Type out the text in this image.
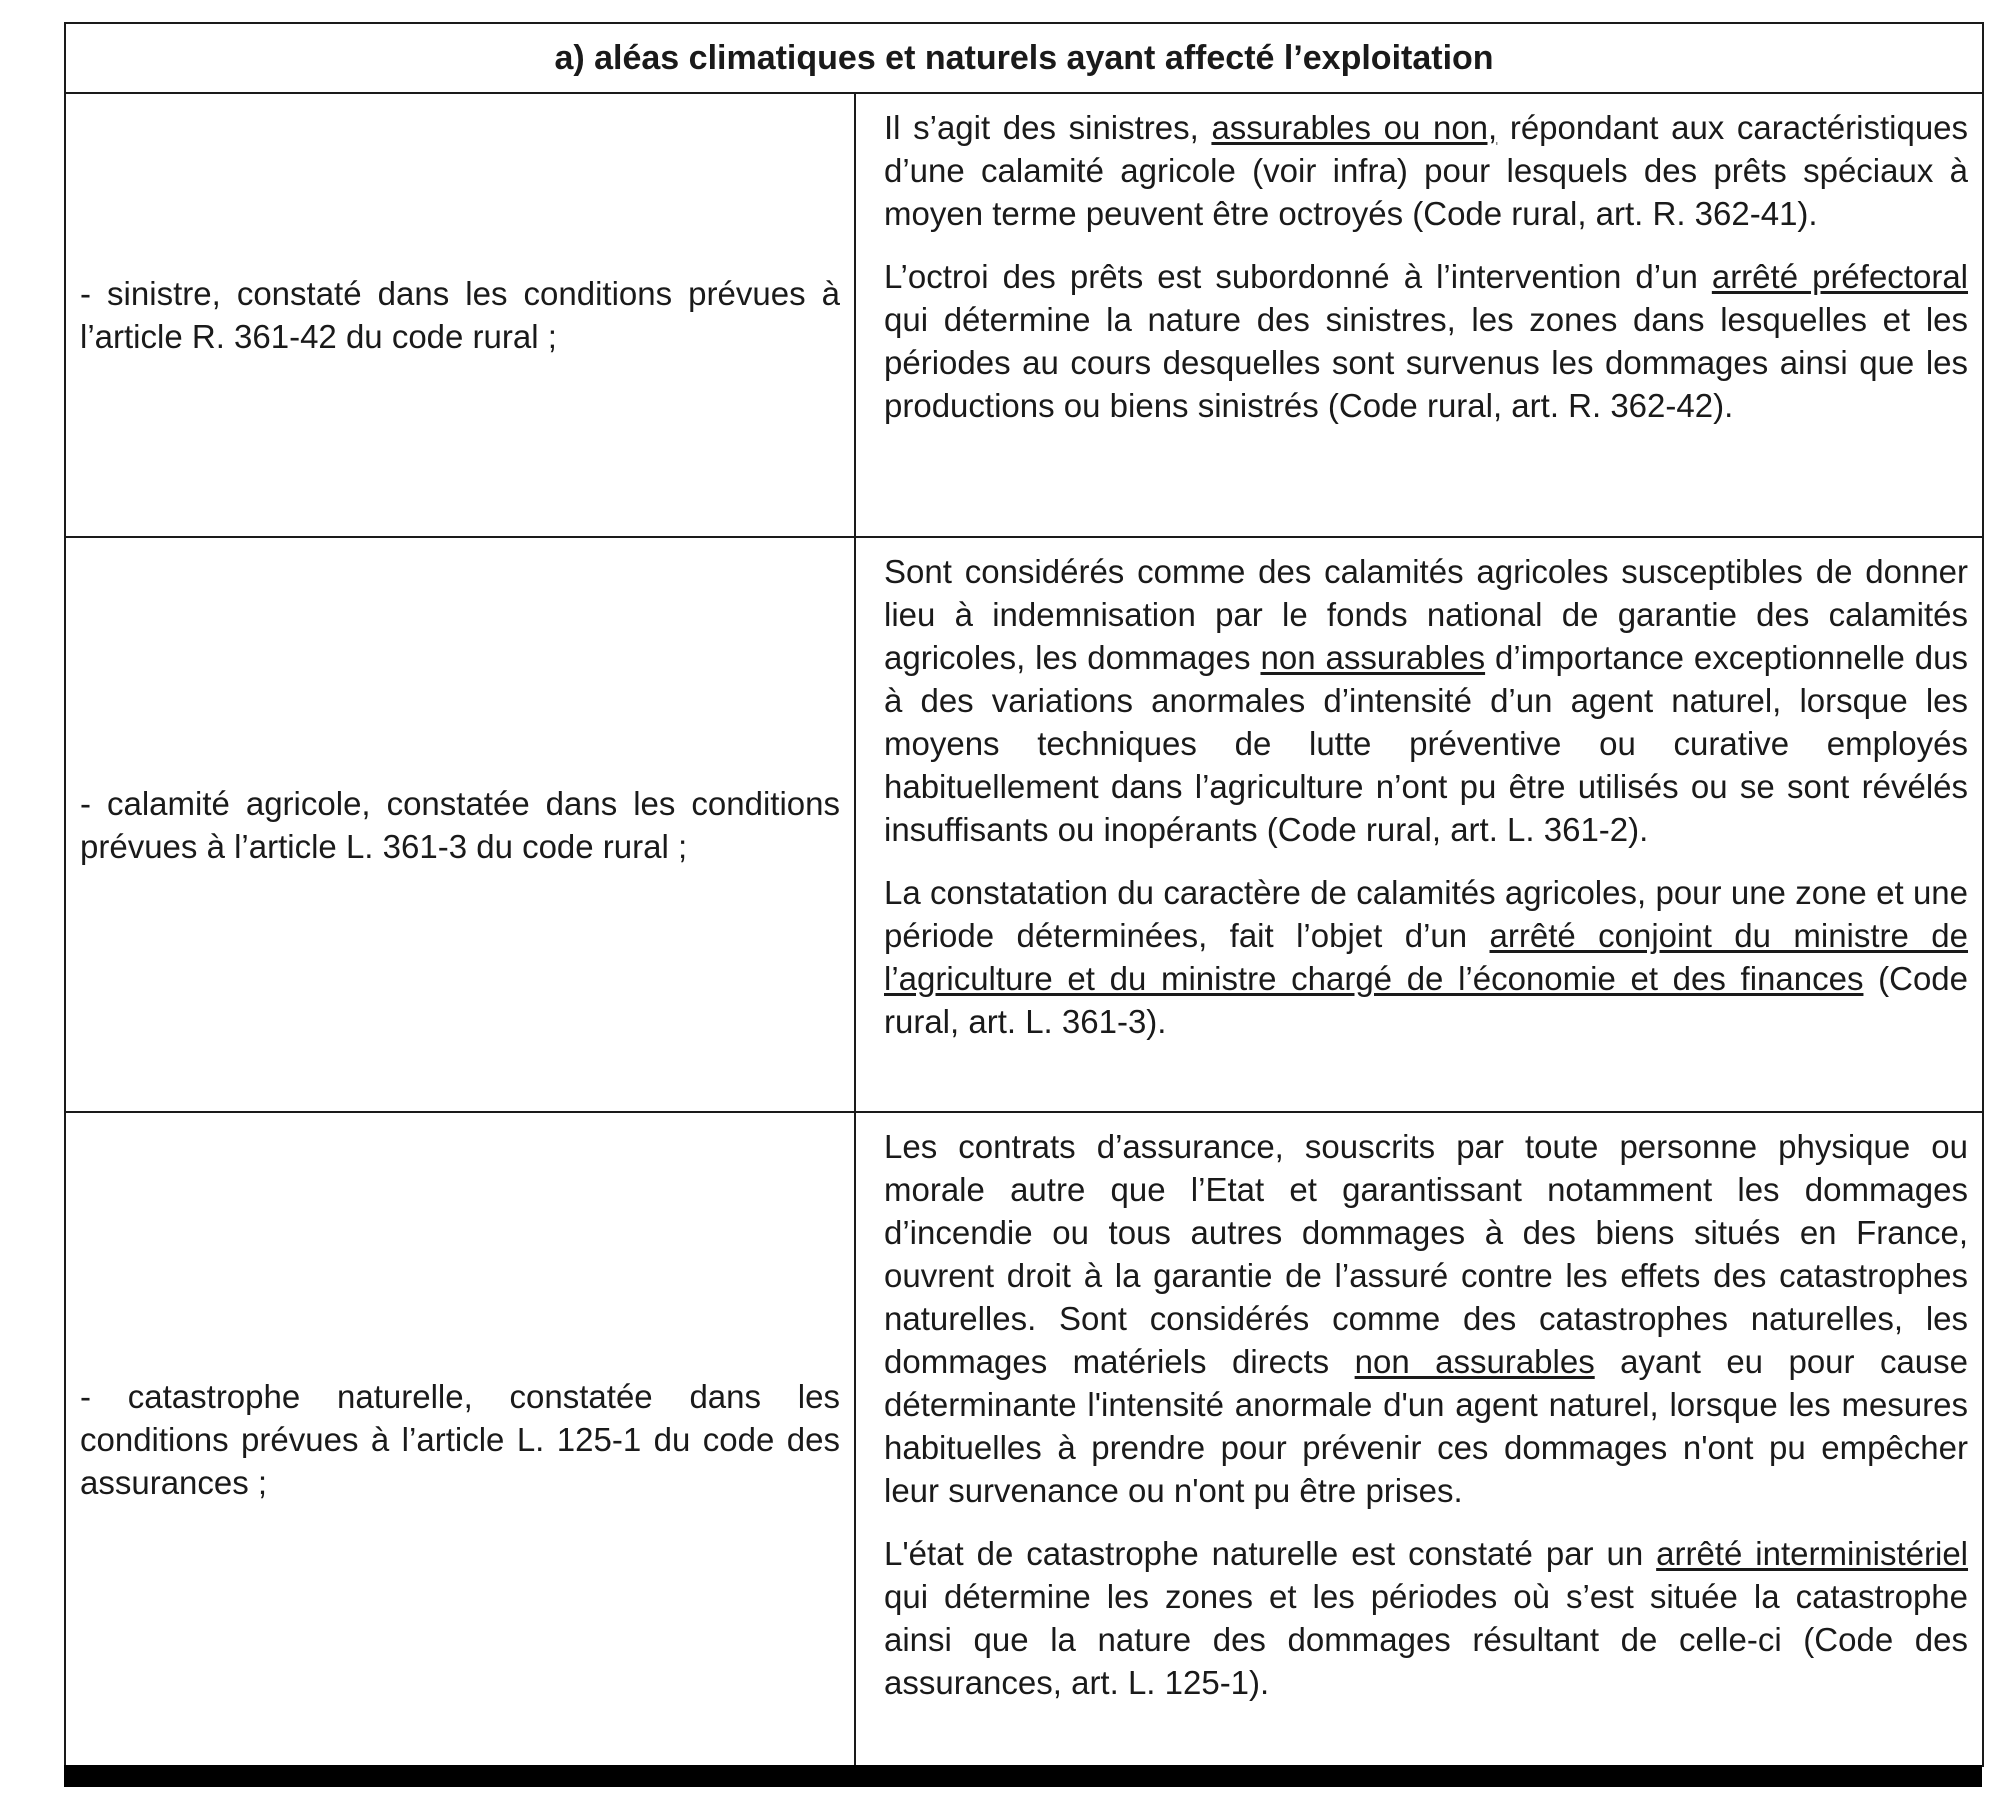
a) aléas climatiques et naturels ayant affecté l’exploitation	

- sinistre, constaté dans les conditions prévues à l’article R. 361-42 du code rural ;	Il s’agit des sinistres, assurables ou non, répondant aux caractéristiques d’une calamité agricole (voir infra) pour lesquels des prêts spéciaux à moyen terme peuvent être octroyés (Code rural, art. R. 362-41).

L’octroi des prêts est subordonné à l’intervention d’un arrêté préfectoral qui détermine la nature des sinistres, les zones dans lesquelles et les périodes au cours desquelles sont survenus les dommages ainsi que les productions ou biens sinistrés (Code rural, art. R. 362-42).

- calamité agricole, constatée dans les conditions prévues à l’article L. 361-3 du code rural ;	Sont considérés comme des calamités agricoles susceptibles de donner lieu à indemnisation par le fonds national de garantie des calamités agricoles, les dommages non assurables d’importance exceptionnelle dus à des variations anormales d’intensité d’un agent naturel, lorsque les moyens techniques de lutte préventive ou curative employés habituellement dans l’agriculture n’ont pu être utilisés ou se sont révélés insuffisants ou inopérants (Code rural, art. L. 361-2).

La constatation du caractère de calamités agricoles, pour une zone et une période déterminées, fait l’objet d’un arrêté conjoint du ministre de l’agriculture et du ministre chargé de l’économie et des finances (Code rural, art. L. 361-3).

- catastrophe naturelle, constatée dans les conditions prévues à l’article L. 125-1 du code des assurances ;	Les contrats d’assurance, souscrits par toute personne physique ou morale autre que l’Etat et garantissant notamment les dommages d’incendie ou tous autres dommages à des biens situés en France, ouvrent droit à la garantie de l’assuré contre les effets des catastrophes naturelles. Sont considérés comme des catastrophes naturelles, les dommages matériels directs non assurables ayant eu pour cause déterminante l'intensité anormale d'un agent naturel, lorsque les mesures habituelles à prendre pour prévenir ces dommages n'ont pu empêcher leur survenance ou n'ont pu être prises.

L'état de catastrophe naturelle est constaté par un arrêté interministériel qui détermine les zones et les périodes où s’est située la catastrophe ainsi que la nature des dommages résultant de celle-ci (Code des assurances, art. L. 125-1).
